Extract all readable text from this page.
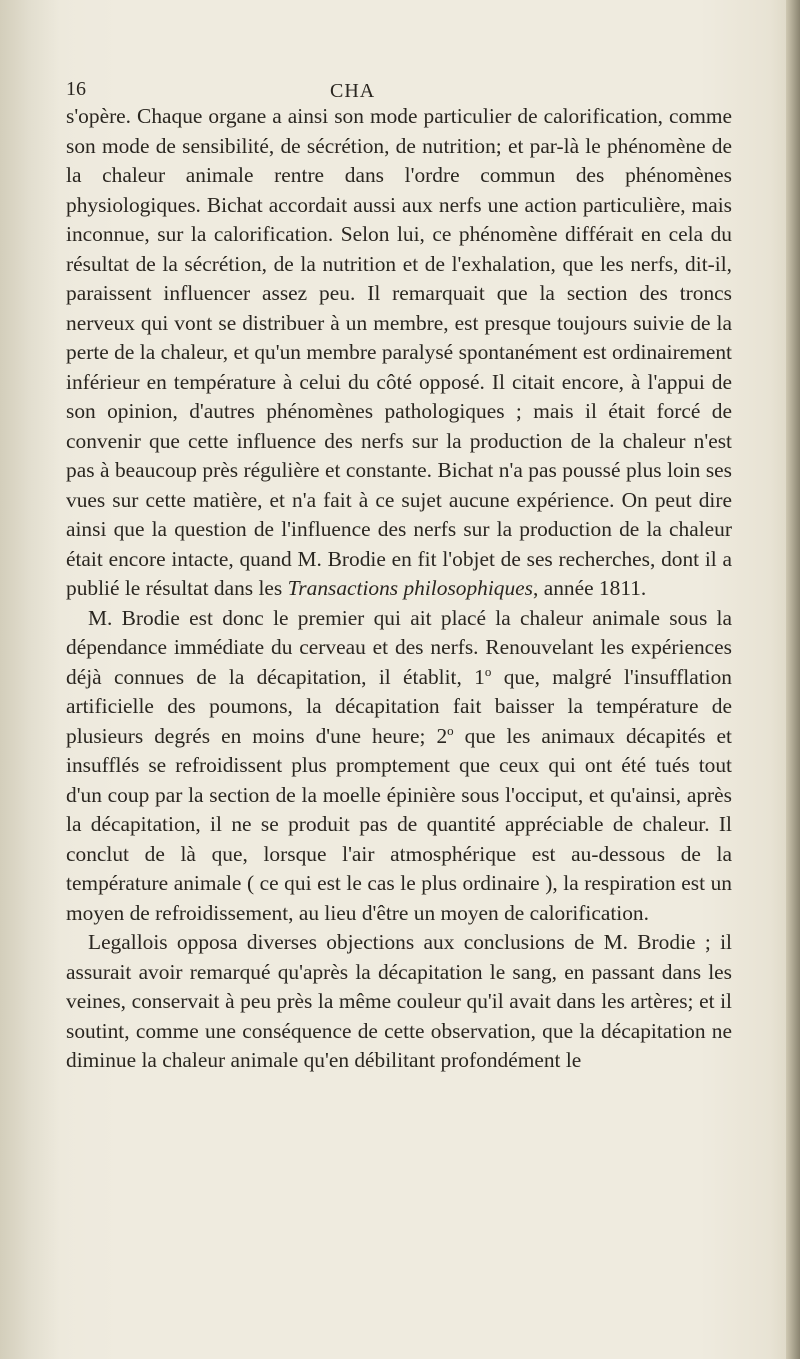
16	CHA

s'opère. Chaque organe a ainsi son mode particulier de calorification, comme son mode de sensibilité, de sécrétion, de nutrition; et par-là le phénomène de la chaleur animale rentre dans l'ordre commun des phénomènes physiologiques. Bichat accordait aussi aux nerfs une action particulière, mais inconnue, sur la calorification. Selon lui, ce phénomène différait en cela du résultat de la sécrétion, de la nutrition et de l'exhalation, que les nerfs, dit-il, paraissent influencer assez peu. Il remarquait que la section des troncs nerveux qui vont se distribuer à un membre, est presque toujours suivie de la perte de la chaleur, et qu'un membre paralysé spontanément est ordinairement inférieur en température à celui du côté opposé. Il citait encore, à l'appui de son opinion, d'autres phénomènes pathologiques ; mais il était forcé de convenir que cette influence des nerfs sur la production de la chaleur n'est pas à beaucoup près régulière et constante. Bichat n'a pas poussé plus loin ses vues sur cette matière, et n'a fait à ce sujet aucune expérience. On peut dire ainsi que la question de l'influence des nerfs sur la production de la chaleur était encore intacte, quand M. Brodie en fit l'objet de ses recherches, dont il a publié le résultat dans les Transactions philosophiques, année 1811.

M. Brodie est donc le premier qui ait placé la chaleur animale sous la dépendance immédiate du cerveau et des nerfs. Renouvelant les expériences déjà connues de la décapitation, il établit, 1$^o$ que, malgré l'insufflation artificielle des poumons, la décapitation fait baisser la température de plusieurs degrés en moins d'une heure; 2$^o$ que les animaux décapités et insufflés se refroidissent plus promptement que ceux qui ont été tués tout d'un coup par la section de la moelle épinière sous l'occiput, et qu'ainsi, après la décapitation, il ne se produit pas de quantité appréciable de chaleur. Il conclut de là que, lorsque l'air atmosphérique est au-dessous de la température animale ( ce qui est le cas le plus ordinaire ), la respiration est un moyen de refroidissement, au lieu d'être un moyen de calorification.

Legallois opposa diverses objections aux conclusions de M. Brodie ; il assurait avoir remarqué qu'après la décapitation le sang, en passant dans les veines, conservait à peu près la même couleur qu'il avait dans les artères; et il soutint, comme une conséquence de cette observation, que la décapitation ne diminue la chaleur animale qu'en débilitant profondément le
